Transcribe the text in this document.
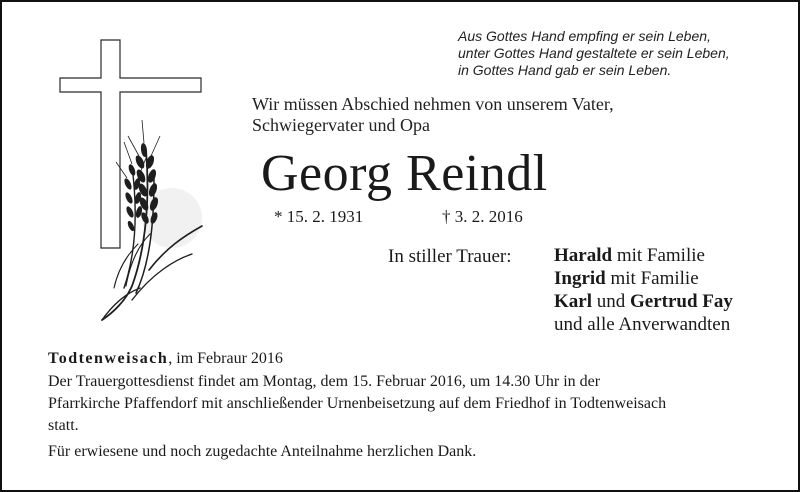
Aus Gottes Hand empfing er sein Leben,
unter Gottes Hand gestaltete er sein Leben,
in Gottes Hand gab er sein Leben.
Wir müssen Abschied nehmen von unserem Vater,
Schwiegervater und Opa
Georg Reindl
* 15. 2. 1931	† 3. 2. 2016
In stiller Trauer: Harald mit Familie
Ingrid mit Familie
Karl und Gertrud Fay
und alle Anverwandten
Todtenweisach, im Febraur 2016
Der Trauergottesdienst findet am Montag, dem 15. Februar 2016, um 14.30 Uhr in der
Pfarrkirche Pfaffendorf mit anschließender Urnenbeisetzung auf dem Friedhof in Todtenweisach
statt.
Für erwiesene und noch zugedachte Anteilnahme herzlichen Dank.
